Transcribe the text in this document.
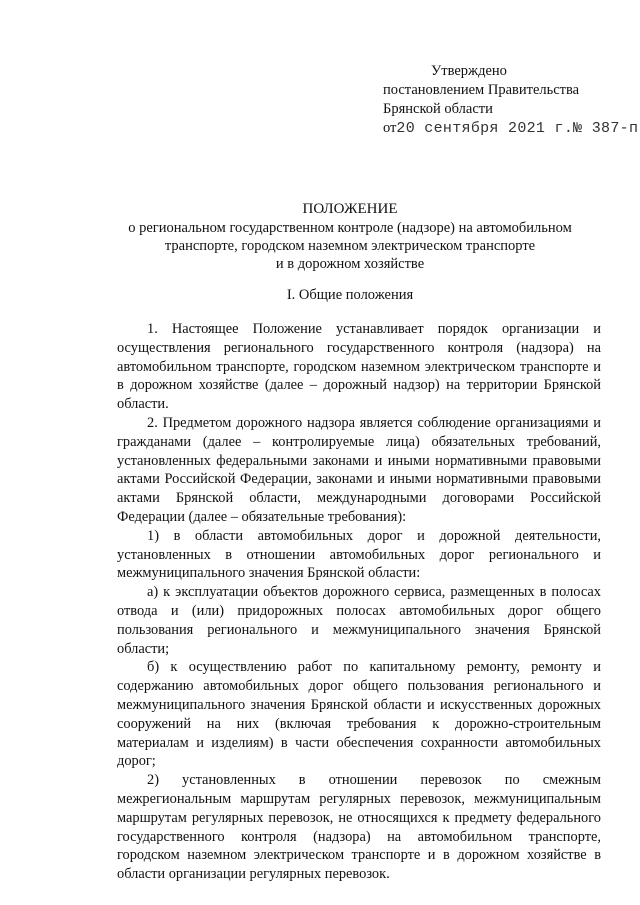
Утверждено
постановлением Правительства
Брянской области
от20 сентября 2021 г.№ 387-п
ПОЛОЖЕНИЕ
о региональном государственном контроле (надзоре) на автомобильном
транспорте, городском наземном электрическом транспорте
и в дорожном хозяйстве
I. Общие положения

1. Настоящее Положение устанавливает порядок организации и осуществления регионального государственного контроля (надзора) на автомобильном транспорте, городском наземном электрическом транспорте и в дорожном хозяйстве (далее – дорожный надзор) на территории Брянской области.

2. Предметом дорожного надзора является соблюдение организациями и гражданами (далее – контролируемые лица) обязательных требований, установленных федеральными законами и иными нормативными правовыми актами Российской Федерации, законами и иными нормативными правовыми актами Брянской области, международными договорами Российской Федерации (далее – обязательные требования):

1) в области автомобильных дорог и дорожной деятельности, установленных в отношении автомобильных дорог регионального и межмуниципального значения Брянской области:

а) к эксплуатации объектов дорожного сервиса, размещенных в полосах отвода и (или) придорожных полосах автомобильных дорог общего пользования регионального и межмуниципального значения Брянской области;

б) к осуществлению работ по капитальному ремонту, ремонту и содержанию автомобильных дорог общего пользования регионального и межмуниципального значения Брянской области и искусственных дорожных сооружений на них (включая требования к дорожно-строительным материалам и изделиям) в части обеспечения сохранности автомобильных дорог;

2) установленных в отношении перевозок по смежным межрегиональным маршрутам регулярных перевозок, межмуниципальным маршрутам регулярных перевозок, не относящихся к предмету федерального государственного контроля (надзора) на автомобильном транспорте, городском наземном электрическом транспорте и в дорожном хозяйстве в области организации регулярных перевозок.
